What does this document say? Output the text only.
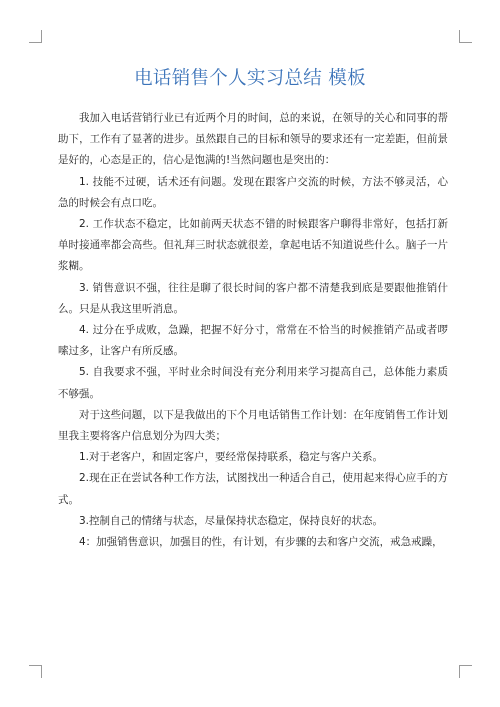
电话销售个人实习总结 模板

我加入电话营销行业已有近两个月的时间，总的来说，在领导的关心和同事的帮助下，工作有了显著的进步。虽然跟自己的目标和领导的要求还有一定差距，但前景是好的，心态是正的，信心是饱满的!当然问题也是突出的：

1. 技能不过硬，话术还有问题。发现在跟客户交流的时候，方法不够灵活，心急的时候会有点口吃。

2. 工作状态不稳定，比如前两天状态不错的时候跟客户聊得非常好，包括打新单时接通率都会高些。但礼拜三时状态就很差，拿起电话不知道说些什么。脑子一片浆糊。

3. 销售意识不强，往往是聊了很长时间的客户都不清楚我到底是要跟他推销什么。只是从我这里听消息。

4. 过分在乎成败，急躁，把握不好分寸，常常在不恰当的时候推销产品或者啰嗦过多，让客户有所反感。

5. 自我要求不强，平时业余时间没有充分利用来学习提高自己，总体能力素质不够强。

对于这些问题，以下是我做出的下个月电话销售工作计划：在年度销售工作计划里我主要将客户信息划分为四大类；

1.对于老客户，和固定客户，要经常保持联系，稳定与客户关系。

2.现在正在尝试各种工作方法，试图找出一种适合自己，使用起来得心应手的方式。

3.控制自己的情绪与状态，尽量保持状态稳定，保持良好的状态。

4：加强销售意识，加强目的性，有计划，有步骤的去和客户交流，戒急戒躁，
